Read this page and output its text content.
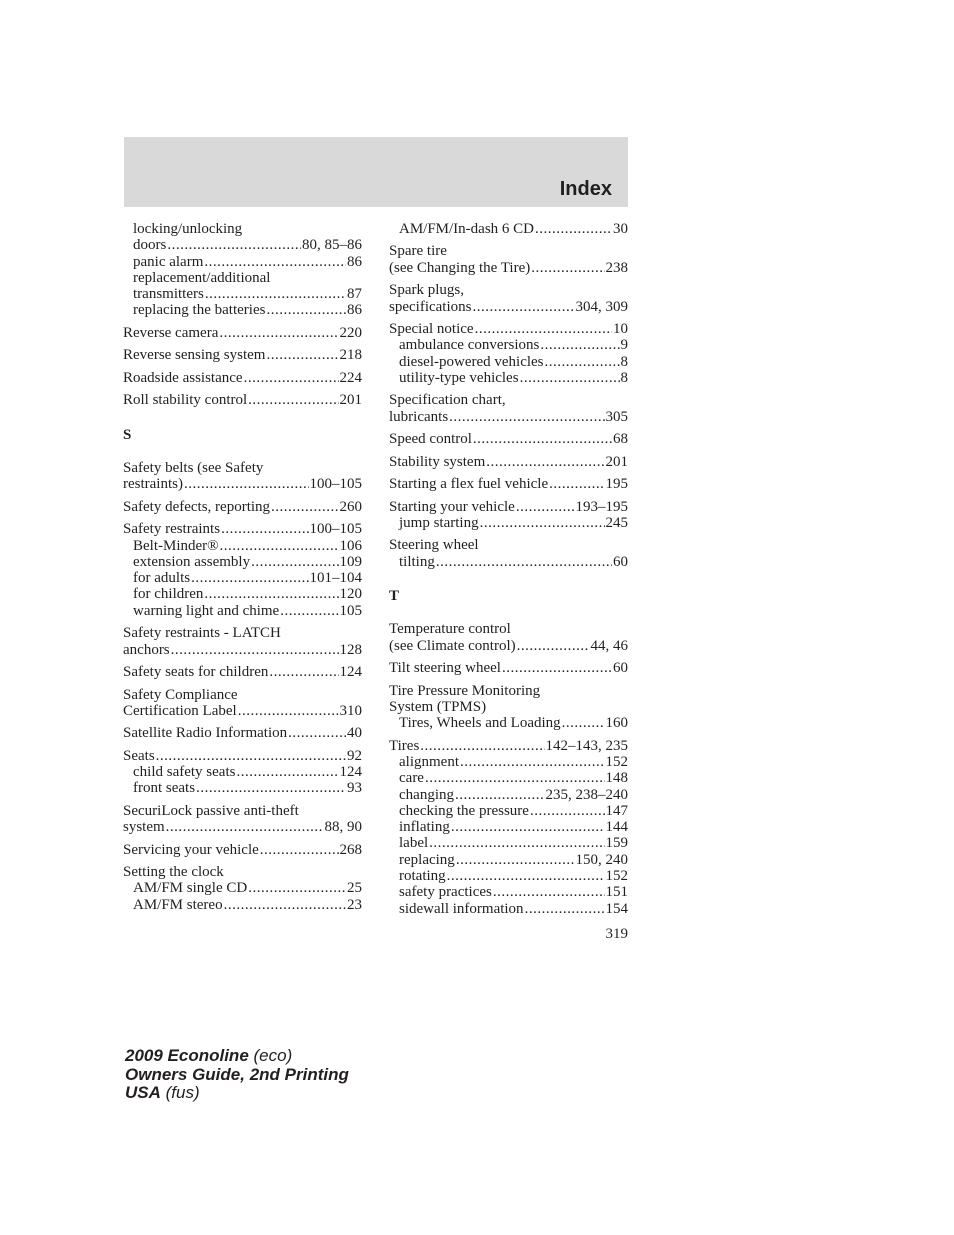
Index
locking/unlocking
doors .....	80, 85–86
panic alarm .....	86
replacement/additional
transmitters .....	87
replacing the batteries .....	86
Reverse camera .....	220
Reverse sensing system .....	218
Roadside assistance .....	224
Roll stability control .....	201
S
Safety belts (see Safety
restraints) .....	100–105
Safety defects, reporting .....	260
Safety restraints .....	100–105
Belt-Minder® .....	106
extension assembly .....	109
for adults .....	101–104
for children .....	120
warning light and chime .....	105
Safety restraints - LATCH
anchors .....	128
Safety seats for children .....	124
Safety Compliance
Certification Label .....	310
Satellite Radio Information .....	40
Seats .....	92
child safety seats .....	124
front seats .....	93
SecuriLock passive anti-theft
system .....	88, 90
Servicing your vehicle .....	268
Setting the clock
AM/FM single CD .....	25
AM/FM stereo .....	23
AM/FM/In-dash 6 CD .....	30
Spare tire
(see Changing the Tire) .....	238
Spark plugs,
specifications .....	304, 309
Special notice .....	10
ambulance conversions .....	9
diesel-powered vehicles .....	8
utility-type vehicles .....	8
Specification chart,
lubricants .....	305
Speed control .....	68
Stability system .....	201
Starting a flex fuel vehicle .....	195
Starting your vehicle .....	193–195
jump starting .....	245
Steering wheel
tilting .....	60
T
Temperature control
(see Climate control) .....	44, 46
Tilt steering wheel .....	60
Tire Pressure Monitoring
System (TPMS)
Tires, Wheels and Loading .....	160
Tires .....	142–143, 235
alignment .....	152
care .....	148
changing .....	235, 238–240
checking the pressure .....	147
inflating .....	144
label .....	159
replacing .....	150, 240
rotating .....	152
safety practices .....	151
sidewall information .....	154
319
2009 Econoline (eco)
Owners Guide, 2nd Printing
USA (fus)
